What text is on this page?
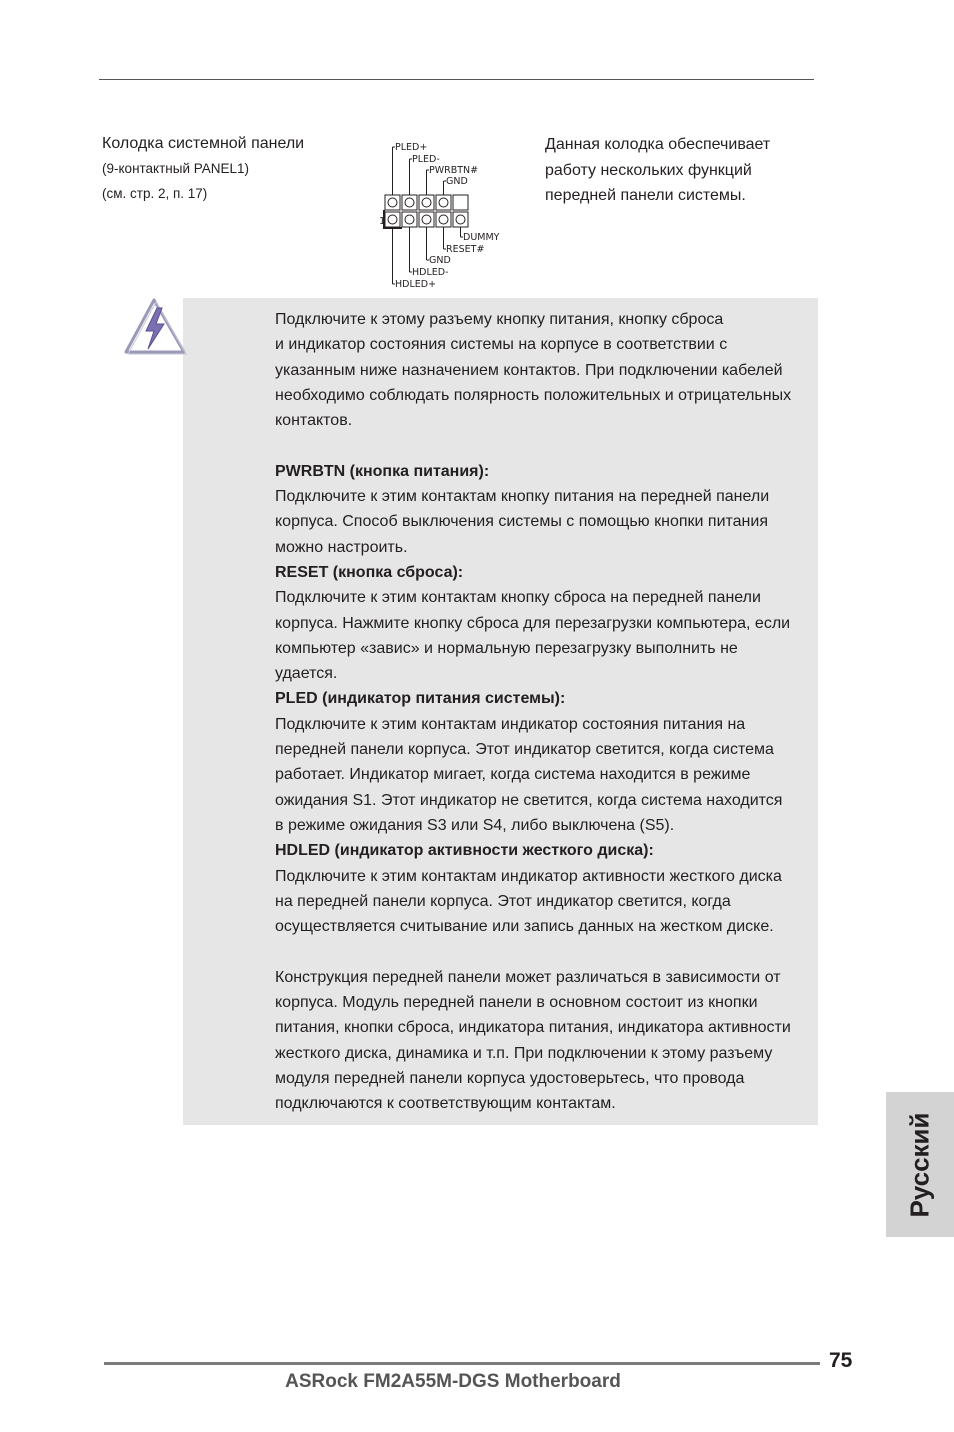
Колодка системной панели
(9-контактный PANEL1)
(см. стр. 2, п. 17)
Данная колодка обеспечивает
работу нескольких функций
передней панели системы.
1
PLED+
PLED-
PWRBTN#
GND
DUMMY
RESET#
GND
HDLED-
HDLED+
Подключите к этому разъему кнопку питания, кнопку сброса
и индикатор состояния системы на корпусе в соответствии с
указанным ниже назначением контактов. При подключении кабелей
необходимо соблюдать полярность положительных и отрицательных
контактов.
PWRBTN (кнопка питания):
Подключите к этим контактам кнопку питания на передней панели
корпуса. Способ выключения системы с помощью кнопки питания
можно настроить.
RESET (кнопка сброса):
Подключите к этим контактам кнопку сброса на передней панели
корпуса. Нажмите кнопку сброса для перезагрузки компьютера, если
компьютер «завис» и нормальную перезагрузку выполнить не
удается.
PLED (индикатор питания системы):
Подключите к этим контактам индикатор состояния питания на
передней панели корпуса. Этот индикатор светится, когда система
работает. Индикатор мигает, когда система находится в режиме
ожидания S1. Этот индикатор не светится, когда система находится
в режиме ожидания S3 или S4, либо выключена (S5).
HDLED (индикатор активности жесткого диска):
Подключите к этим контактам индикатор активности жесткого диска
на передней панели корпуса. Этот индикатор светится, когда
осуществляется считывание или запись данных на жестком диске.
Конструкция передней панели может различаться в зависимости от
корпуса. Модуль передней панели в основном состоит из кнопки
питания, кнопки сброса, индикатора питания, индикатора активности
жесткого диска, динамика и т.п. При подключении к этому разъему
модуля передней панели корпуса удостоверьтесь, что провода
подключаются к соответствующим контактам.
Русский
75
ASRock FM2A55M-DGS Motherboard
